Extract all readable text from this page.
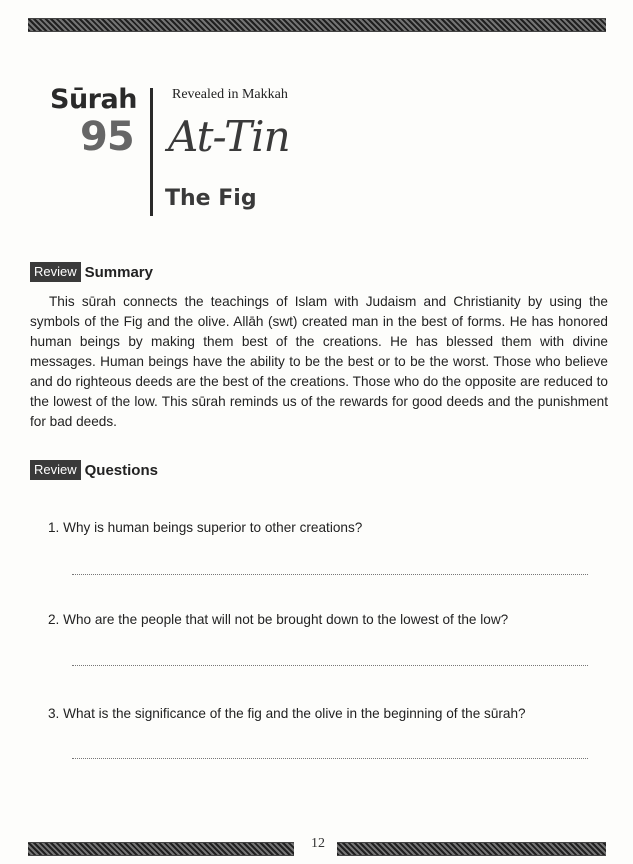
Sūrah
95
Revealed in Makkah
At-Tin
The Fig
Review Summary

This sūrah connects the teachings of Islam with Judaism and Christianity by using the symbols of the Fig and the olive. Allāh (swt) created man in the best of forms. He has honored human beings by making them best of the creations. He has blessed them with divine messages. Human beings have the ability to be the best or to be the worst. Those who believe and do righteous deeds are the best of the creations. Those who do the opposite are reduced to the lowest of the low. This sūrah reminds us of the rewards for good deeds and the punishment for bad deeds.

Review Questions

1. Why is human beings superior to other creations?

2. Who are the people that will not be brought down to the lowest of the low?

3. What is the significance of the fig and the olive in the beginning of the sūrah?

12
